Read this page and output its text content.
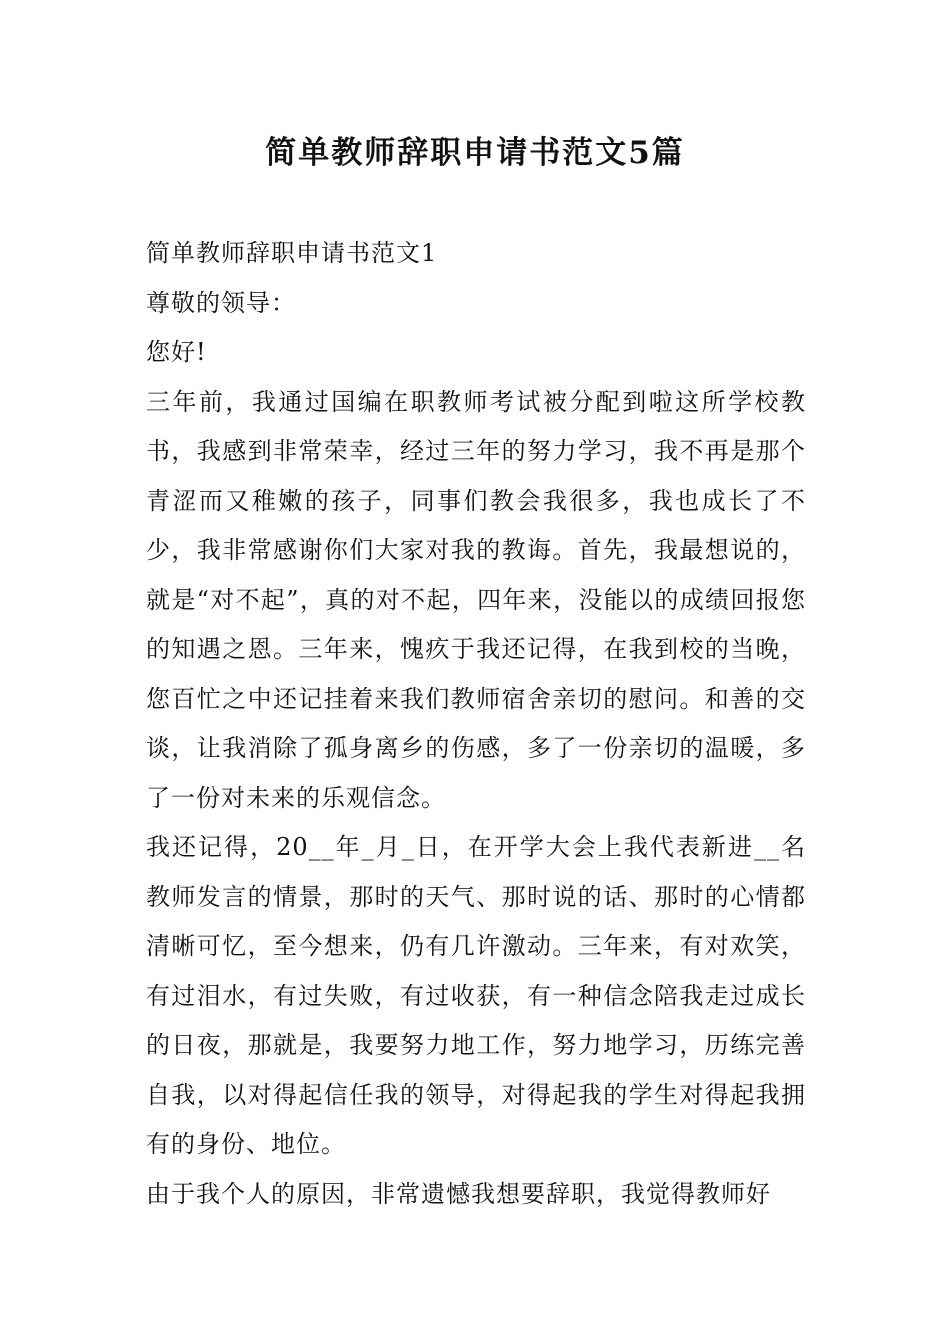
简单教师辞职申请书范文5篇

简单教师辞职申请书范文1

尊敬的领导：

您好!

三年前，我通过国编在职教师考试被分配到啦这所学校教书，我感到非常荣幸，经过三年的努力学习，我不再是那个青涩而又稚嫩的孩子，同事们教会我很多，我也成长了不少，我非常感谢你们大家对我的教诲。首先，我最想说的，就是“对不起”，真的对不起，四年来，没能以的成绩回报您的知遇之恩。三年来，愧疚于我还记得，在我到校的当晚，您百忙之中还记挂着来我们教师宿舍亲切的慰问。和善的交谈，让我消除了孤身离乡的伤感，多了一份亲切的温暖，多了一份对未来的乐观信念。

我还记得，20__年_月_日，在开学大会上我代表新进__名教师发言的情景，那时的天气、那时说的话、那时的心情都清晰可忆，至今想来，仍有几许激动。三年来，有对欢笑，有过泪水，有过失败，有过收获，有一种信念陪我走过成长的日夜，那就是，我要努力地工作，努力地学习，历练完善自我，以对得起信任我的领导，对得起我的学生对得起我拥有的身份、地位。

由于我个人的原因，非常遗憾我想要辞职，我觉得教师好
